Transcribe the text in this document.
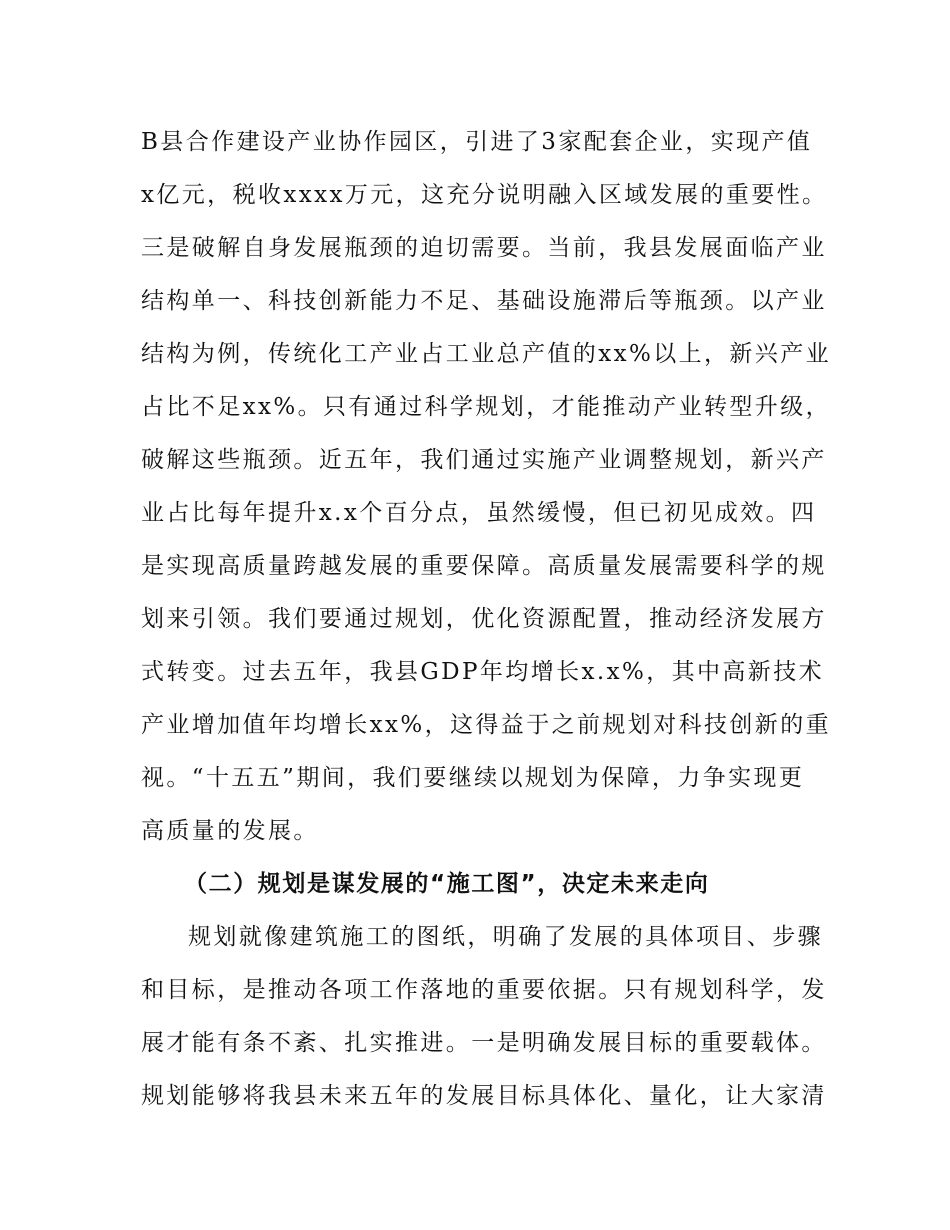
B县合作建设产业协作园区，引进了3家配套企业，实现产值
x亿元，税收xxxx万元，这充分说明融入区域发展的重要性。
三是破解自身发展瓶颈的迫切需要。当前，我县发展面临产业
结构单一、科技创新能力不足、基础设施滞后等瓶颈。以产业
结构为例，传统化工产业占工业总产值的xx%以上，新兴产业
占比不足xx%。只有通过科学规划，才能推动产业转型升级，
破解这些瓶颈。近五年，我们通过实施产业调整规划，新兴产
业占比每年提升x.x个百分点，虽然缓慢，但已初见成效。四
是实现高质量跨越发展的重要保障。高质量发展需要科学的规
划来引领。我们要通过规划，优化资源配置，推动经济发展方
式转变。过去五年，我县GDP年均增长x.x%，其中高新技术
产业增加值年均增长xx%，这得益于之前规划对科技创新的重
视。“十五五”期间，我们要继续以规划为保障，力争实现更
高质量的发展。
（二）规划是谋发展的“施工图”，决定未来走向
规划就像建筑施工的图纸，明确了发展的具体项目、步骤
和目标，是推动各项工作落地的重要依据。只有规划科学，发
展才能有条不紊、扎实推进。一是明确发展目标的重要载体。
规划能够将我县未来五年的发展目标具体化、量化，让大家清
